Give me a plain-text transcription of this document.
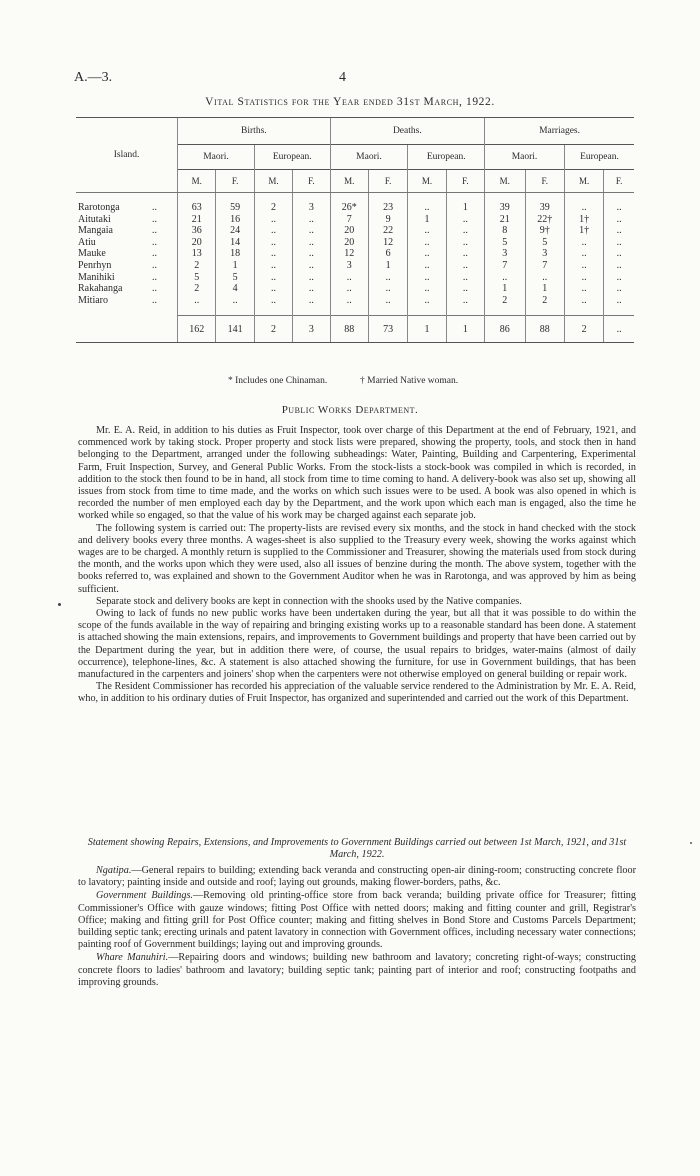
A.—3.	4
Vital Statistics for the Year ended 31st March, 1922.
Island.	Births.				Deaths.				Marriages.			
	Maori.		European.		Maori.		European.		Maori.		European.	
	M.	F.	M.	F.	M.	F.	M.	F.	M.	F.	M.	F.

Rarotonga ..	63	59	2	3	26*	23	..	1	39	39	..	..
Aitutaki ..	21	16	..	..	7	9	1	..	21	22†	1†	..
Mangaia ..	36	24	..	..	20	22	..	..	8	9†	1†	..
Atiu ..	20	14	..	..	20	12	..	..	5	5	..	..
Mauke ..	13	18	..	..	12	6	..	..	3	3	..	..
Penrhyn ..	2	1	..	..	3	1	..	..	7	7	..	..
Manihiki ..	5	5	..	..	..	..	..	..	..	..	..	..
Rakahanga ..	2	4	..	..	..	..	..	..	1	1	..	..
Mitiaro ..	..	..	..	..	..	..	..	..	2	2	..	..

	162	141	2	3	88	73	1	1	86	88	2	..
* Includes one Chinaman.	† Married Native woman.
Public Works Department.

Mr. E. A. Reid, in addition to his duties as Fruit Inspector, took over charge of this Department at the end of February, 1921, and commenced work by taking stock. Proper property and stock lists were prepared, showing the property, tools, and stock then in hand belonging to the Department, arranged under the following subheadings: Water, Painting, Building and Carpentering, Experimental Farm, Fruit Inspection, Survey, and General Public Works. From the stock-lists a stock-book was compiled in which is recorded, in addition to the stock then found to be in hand, all stock from time to time coming to hand. A delivery-book was also set up, showing all issues from stock from time to time made, and the works on which such issues were to be used. A book was also opened in which is recorded the number of men employed each day by the Department, and the work upon which each man is engaged, also the time he worked while so engaged, so that the value of his work may be charged against each separate job.

The following system is carried out: The property-lists are revised every six months, and the stock in hand checked with the stock and delivery books every three months. A wages-sheet is also supplied to the Treasury every week, showing the works against which wages are to be charged. A monthly return is supplied to the Commissioner and Treasurer, showing the materials used from stock during the month, and the works upon which they were used, also all issues of benzine during the month. The above system, together with the books referred to, was explained and shown to the Government Auditor when he was in Rarotonga, and was approved by him as being sufficient.

Separate stock and delivery books are kept in connection with the shooks used by the Native companies.

Owing to lack of funds no new public works have been undertaken during the year, but all that it was possible to do within the scope of the funds available in the way of repairing and bringing existing works up to a reasonable standard has been done. A statement is attached showing the main extensions, repairs, and improvements to Government buildings and property that have been carried out by the Department during the year, but in addition there were, of course, the usual repairs to bridges, water-mains (almost of daily occurrence), telephone-lines, &c. A statement is also attached showing the furniture, for use in Government buildings, that has been manufactured in the carpenters and joiners' shop when the carpenters were not otherwise employed on general building or repair work.

The Resident Commissioner has recorded his appreciation of the valuable service rendered to the Administration by Mr. E. A. Reid, who, in addition to his ordinary duties of Fruit Inspector, has organized and superintended and carried out the work of this Department.

Statement showing Repairs, Extensions, and Improvements to Government Buildings carried out between 1st March, 1921, and 31st March, 1922.

Ngatipa.—General repairs to building; extending back veranda and constructing open-air dining-room; constructing concrete floor to lavatory; painting inside and outside and roof; laying out grounds, making flower-borders, paths, &c.

Government Buildings.—Removing old printing-office store from back veranda; building private office for Treasurer; fitting Commissioner's Office with gauze windows; fitting Post Office with netted doors; making and fitting counter and grill, Registrar's Office; making and fitting grill for Post Office counter; making and fitting shelves in Bond Store and Customs Parcels Department; building septic tank; erecting urinals and patent lavatory in connection with Government offices, including necessary water connections; painting roof of Government buildings; laying out and improving grounds.

Whare Manuhiri.—Repairing doors and windows; building new bathroom and lavatory; concreting right-of-ways; constructing concrete floors to ladies' bathroom and lavatory; building septic tank; painting part of interior and roof; constructing footpaths and improving grounds.
